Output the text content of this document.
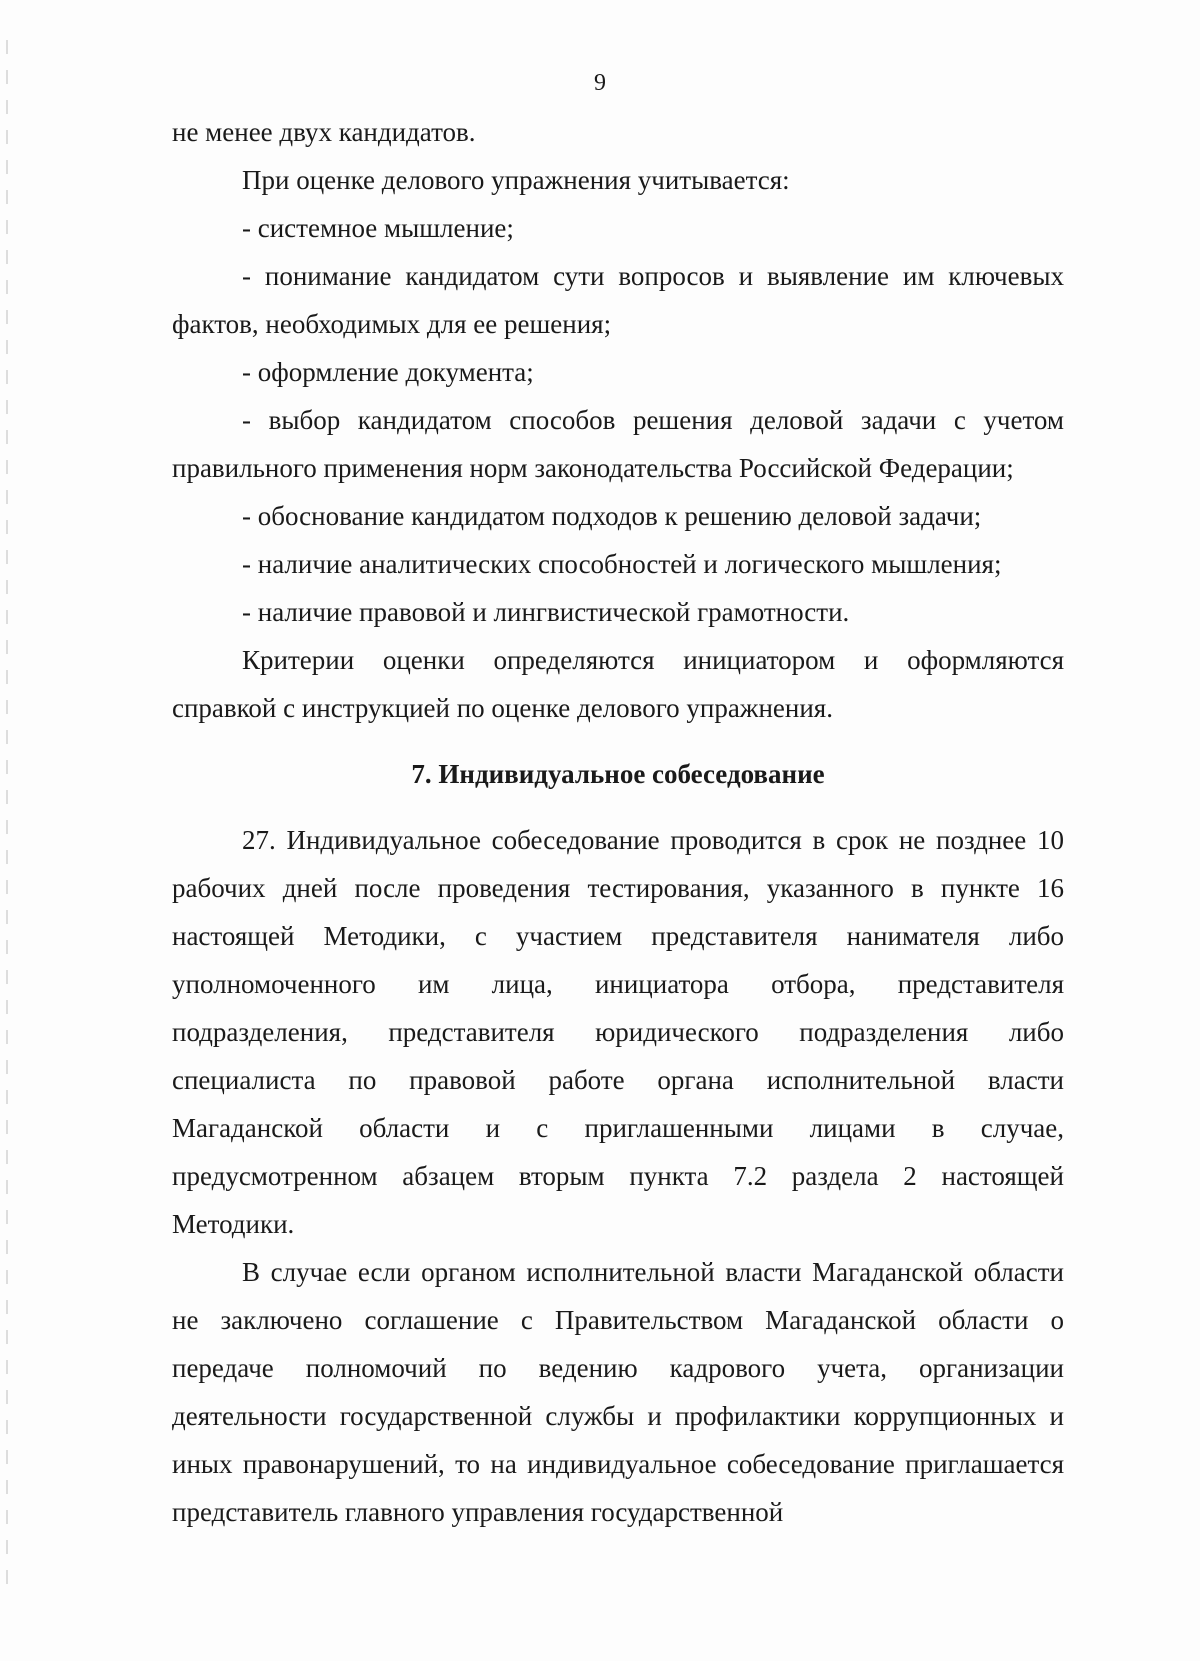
9

не менее двух кандидатов.

При оценке делового упражнения учитывается:

- системное мышление;

- понимание кандидатом сути вопросов и выявление им ключевых фактов, необходимых для ее решения;

- оформление документа;

- выбор кандидатом способов решения деловой задачи с учетом правильного применения норм законодательства Российской Федерации;

- обоснование кандидатом подходов к решению деловой задачи;

- наличие аналитических способностей и логического мышления;

- наличие правовой и лингвистической грамотности.

Критерии оценки определяются инициатором и оформляются справкой с инструкцией по оценке делового упражнения.

7. Индивидуальное собеседование

27. Индивидуальное собеседование проводится в срок не позднее 10 рабочих дней после проведения тестирования, указанного в пункте 16 настоящей Методики, с участием представителя нанимателя либо уполномоченного им лица, инициатора отбора, представителя подразделения, представителя юридического подразделения либо специалиста по правовой работе органа исполнительной власти Магаданской области и с приглашенными лицами в случае, предусмотренном абзацем вторым пункта 7.2 раздела 2 настоящей Методики.

В случае если органом исполнительной власти Магаданской области не заключено соглашение с Правительством Магаданской области о передаче полномочий по ведению кадрового учета, организации деятельности государственной службы и профилактики коррупционных и иных правонарушений, то на индивидуальное собеседование приглашается представитель главного управления государственной
